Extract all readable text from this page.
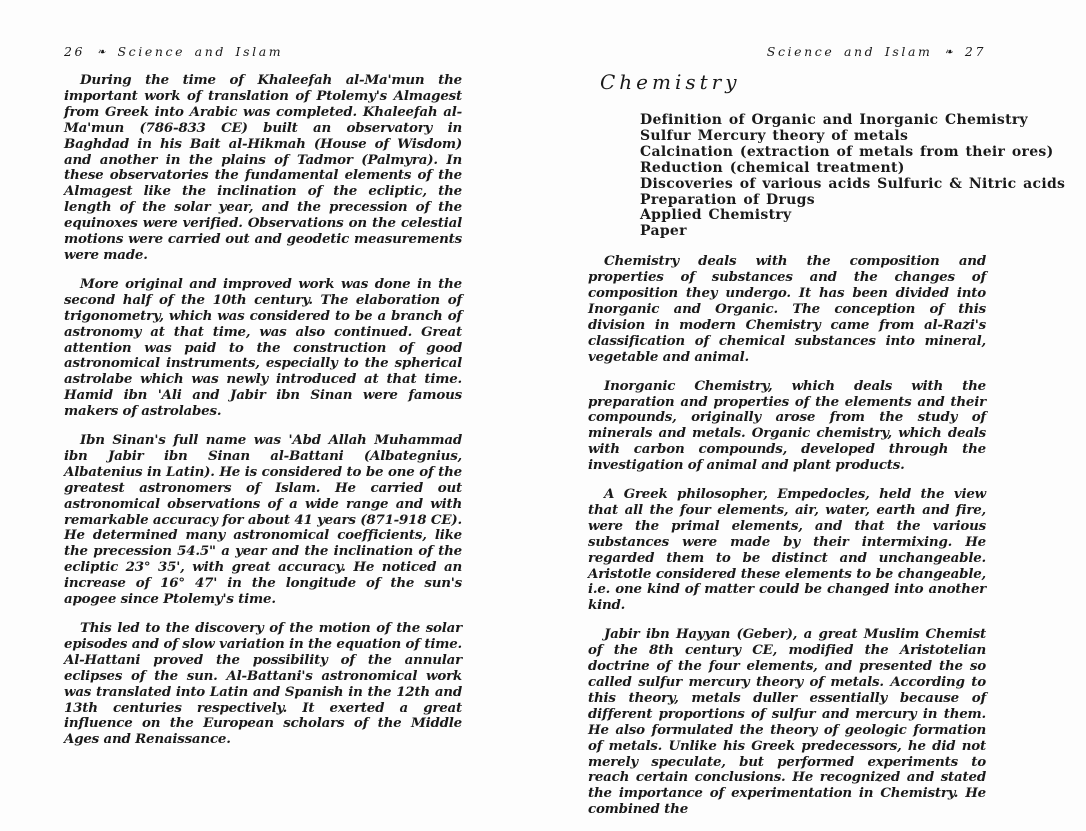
26 ❧ Science and Islam

During the time of Khaleefah al-Ma'mun the important work of translation of Ptolemy's Almagest from Greek into Arabic was completed. Khaleefah al-Ma'mun (786-833 CE) built an observatory in Baghdad in his Bait al-Hikmah (House of Wisdom) and another in the plains of Tadmor (Palmyra). In these observatories the fundamental elements of the Almagest like the inclination of the ecliptic, the length of the solar year, and the precession of the equinoxes were verified. Observations on the celestial motions were carried out and geodetic measurements were made.

More original and improved work was done in the second half of the 10th century. The elaboration of trigonometry, which was considered to be a branch of astronomy at that time, was also continued. Great attention was paid to the construction of good astronomical instruments, especially to the spherical astrolabe which was newly introduced at that time. Hamid ibn 'Ali and Jabir ibn Sinan were famous makers of astrolabes.

Ibn Sinan's full name was 'Abd Allah Muhammad ibn Jabir ibn Sinan al-Battani (Albategnius, Albatenius in Latin). He is considered to be one of the greatest astronomers of Islam. He carried out astronomical observations of a wide range and with remarkable accuracy for about 41 years (871-918 CE). He determined many astronomical coefficients, like the precession 54.5" a year and the inclination of the ecliptic 23° 35', with great accuracy. He noticed an increase of 16° 47' in the longitude of the sun's apogee since Ptolemy's time.

This led to the discovery of the motion of the solar episodes and of slow variation in the equation of time. Al-Hattani proved the possibility of the annular eclipses of the sun. Al-Battani's astronomical work was translated into Latin and Spanish in the 12th and 13th centuries respectively. It exerted a great influence on the European scholars of the Middle Ages and Renaissance.

Science and Islam ❧ 27
Chemistry
Definition of Organic and Inorganic Chemistry
Sulfur Mercury theory of metals
Calcination (extraction of metals from their ores)
Reduction (chemical treatment)
Discoveries of various acids Sulfuric & Nitric acids
Preparation of Drugs
Applied Chemistry
Paper

Chemistry deals with the composition and properties of substances and the changes of composition they undergo. It has been divided into Inorganic and Organic. The conception of this division in modern Chemistry came from al-Razi's classification of chemical substances into mineral, vegetable and animal.

Inorganic Chemistry, which deals with the preparation and properties of the elements and their compounds, originally arose from the study of minerals and metals. Organic chemistry, which deals with carbon compounds, developed through the investigation of animal and plant products.

A Greek philosopher, Empedocles, held the view that all the four elements, air, water, earth and fire, were the primal elements, and that the various substances were made by their intermixing. He regarded them to be distinct and unchangeable. Aristotle considered these elements to be changeable, i.e. one kind of matter could be changed into another kind.

Jabir ibn Hayyan (Geber), a great Muslim Chemist of the 8th century CE, modified the Aristotelian doctrine of the four elements, and presented the so called sulfur mercury theory of metals. According to this theory, metals duller essentially because of different proportions of sulfur and mercury in them. He also formulated the theory of geologic formation of metals. Unlike his Greek predecessors, he did not merely speculate, but performed experiments to reach certain conclusions. He recognized and stated the importance of experimentation in Chemistry. He combined the
